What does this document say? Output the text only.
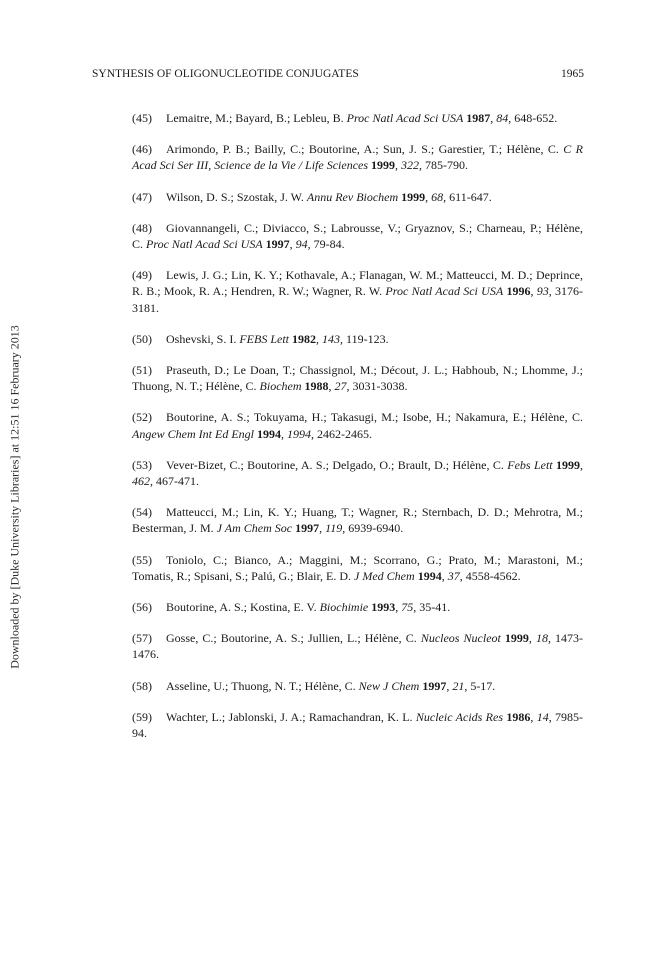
SYNTHESIS OF OLIGONUCLEOTIDE CONJUGATES	1965
Downloaded by [Duke University Libraries] at 12:51 16 February 2013

(45) Lemaitre, M.; Bayard, B.; Lebleu, B. Proc Natl Acad Sci USA 1987, 84, 648-652.

(46) Arimondo, P. B.; Bailly, C.; Boutorine, A.; Sun, J. S.; Garestier, T.; Hélène, C. C R Acad Sci Ser III, Science de la Vie / Life Sciences 1999, 322, 785-790.

(47) Wilson, D. S.; Szostak, J. W. Annu Rev Biochem 1999, 68, 611-647.

(48) Giovannangeli, C.; Diviacco, S.; Labrousse, V.; Gryaznov, S.; Charneau, P.; Hélène, C. Proc Natl Acad Sci USA 1997, 94, 79-84.

(49) Lewis, J. G.; Lin, K. Y.; Kothavale, A.; Flanagan, W. M.; Matteucci, M. D.; Deprince, R. B.; Mook, R. A.; Hendren, R. W.; Wagner, R. W. Proc Natl Acad Sci USA 1996, 93, 3176-3181.

(50) Oshevski, S. I. FEBS Lett 1982, 143, 119-123.

(51) Praseuth, D.; Le Doan, T.; Chassignol, M.; Décout, J. L.; Habhoub, N.; Lhomme, J.; Thuong, N. T.; Hélène, C. Biochem 1988, 27, 3031-3038.

(52) Boutorine, A. S.; Tokuyama, H.; Takasugi, M.; Isobe, H.; Nakamura, E.; Hélène, C. Angew Chem Int Ed Engl 1994, 1994, 2462-2465.

(53) Vever-Bizet, C.; Boutorine, A. S.; Delgado, O.; Brault, D.; Hélène, C. Febs Lett 1999, 462, 467-471.

(54) Matteucci, M.; Lin, K. Y.; Huang, T.; Wagner, R.; Sternbach, D. D.; Mehrotra, M.; Besterman, J. M. J Am Chem Soc 1997, 119, 6939-6940.

(55) Toniolo, C.; Bianco, A.; Maggini, M.; Scorrano, G.; Prato, M.; Marastoni, M.; Tomatis, R.; Spisani, S.; Palú, G.; Blair, E. D. J Med Chem 1994, 37, 4558-4562.

(56) Boutorine, A. S.; Kostina, E. V. Biochimie 1993, 75, 35-41.

(57) Gosse, C.; Boutorine, A. S.; Jullien, L.; Hélène, C. Nucleos Nucleot 1999, 18, 1473-1476.

(58) Asseline, U.; Thuong, N. T.; Hélène, C. New J Chem 1997, 21, 5-17.

(59) Wachter, L.; Jablonski, J. A.; Ramachandran, K. L. Nucleic Acids Res 1986, 14, 7985-94.
